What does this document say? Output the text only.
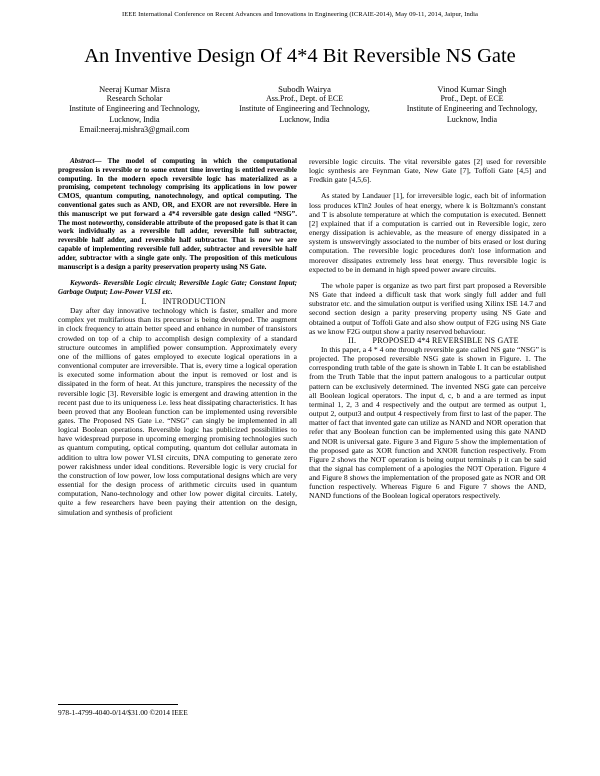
IEEE International Conference on Recent Advances and Innovations in Engineering (ICRAIE-2014), May 09-11, 2014, Jaipur, India
An Inventive Design Of 4*4 Bit Reversible NS Gate
Neeraj Kumar Misra
Research Scholar
Institute of Engineering and Technology,
Lucknow, India
Email:neeraj.mishra3@gmail.com
Subodh Wairya
Ass.Prof., Dept. of ECE
Institute of Engineering and Technology,
Lucknow, India
Vinod Kumar Singh
Prof., Dept. of ECE
Institute of Engineering and Technology,
Lucknow, India

Abstract— The model of computing in which the computational progression is reversible or to some extent time inverting is entitled reversible computing. In the modern epoch reversible logic has materialized as a promising, competent technology comprising its applications in low power CMOS, quantum computing, nanotechnology, and optical computing. The conventional gates such as AND, OR, and EXOR are not reversible. Here in this manuscript we put forward a 4*4 reversible gate design called “NSG”. The most noteworthy, considerable attribute of the proposed gate is that it can work individually as a reversible full adder, reversible full subtractor, reversible half adder, and reversible half subtractor. That is now we are capable of implementing reversible full adder, subtractor and reversible half adder, subtractor with a single gate only. The proposition of this meticulous manuscript is a design a parity preservation property using NS Gate.

Keywords- Reversible Logic circuit; Reversible Logic Gate; Constant Input; Garbage Output; Low-Power VLSI etc.

I.  INTRODUCTION

Day after day innovative technology which is faster, smaller and more complex yet multifarious than its precursor is being developed. The augment in clock frequency to attain better speed and enhance in number of transistors crowded on top of a chip to accomplish design complexity of a standard structure outcomes in amplified power consumption. Approximately every one of the millions of gates employed to execute logical operations in a conventional computer are irreversible. That is, every time a logical operation is executed some information about the input is removed or lost and is dissipated in the form of heat. At this juncture, transpires the necessity of the reversible logic [3]. Reversible logic is emergent and drawing attention in the recent past due to its uniqueness i.e. less heat dissipating characteristics. It has been proved that any Boolean function can be implemented using reversible gates. The Proposed NS Gate i.e. “NSG” can singly be implemented in all logical Boolean operations. Reversible logic has publicized possibilities to have widespread purpose in upcoming emerging promising technologies such as quantum computing, optical computing, quantum dot cellular automata in addition to ultra low power VLSI circuits, DNA computing to generate zero power rakishness under ideal conditions. Reversible logic is very crucial for the construction of low power, low loss computational designs which are very essential for the design process of arithmetic circuits used in quantum computation, Nano-technology and other low power digital circuits. Lately, quite a few researchers have been paying their attention on the design, simulation and synthesis of proficient

reversible logic circuits. The vital reversible gates [2] used for reversible logic synthesis are Feynman Gate, New Gate [7], Toffoli Gate [4,5] and Fredkin gate [4,5,6].

As stated by Landauer [1], for irreversible logic, each bit of information loss produces kTln2 Joules of heat energy, where k is Boltzmann's constant and T is absolute temperature at which the computation is executed. Bennett [2] explained that if a computation is carried out in Reversible logic, zero energy dissipation is achievable, as the measure of energy dissipated in a system is unswervingly associated to the number of bits erased or lost during computation. The reversible logic procedures don't lose information and moreover dissipates extremely less heat energy. Thus reversible logic is expected to be in demand in high speed power aware circuits.

The whole paper is organize as two part first part proposed a Reversible NS Gate that indeed a difficult task that work singly full adder and full substrator etc. and the simulation output is verified using Xilinx ISE 14.7 and second section design a parity preserving property using NS Gate and obtained a output of Toffoli Gate and also show output of F2G using NS Gate as we know F2G output show a parity reserved behaviour.

II.  PROPOSED 4*4 REVERSIBLE NS GATE

In this paper, a 4 * 4 one through reversible gate called NS gate “NSG” is projected. The proposed reversible NSG gate is shown in Figure. 1. The corresponding truth table of the gate is shown in Table I. It can be established from the Truth Table that the input pattern analogous to a particular output pattern can be exclusively determined. The invented NSG gate can perceive all Boolean logical operators. The input d, c, b and a are termed as input terminal 1, 2, 3 and 4 respectively and the output are termed as output 1, output 2, output3 and output 4 respectively from first to last of the paper. The matter of fact that invented gate can utilize as NAND and NOR operation that refer that any Boolean function can be implemented using this gate NAND and NOR is universal gate. Figure 3 and Figure 5 show the implementation of the proposed gate as XOR function and XNOR function respectively. From Figure 2 shows the NOT operation is being output terminals p it can be said that the signal has complement of a apologies the NOT Operation. Figure 4 and Figure 8 shows the implementation of the proposed gate as NOR and OR function respectively. Whereas Figure 6 and Figure 7 shows the AND, NAND functions of the Boolean logical operators respectively.

978-1-4799-4040-0/14/$31.00 ©2014 IEEE
